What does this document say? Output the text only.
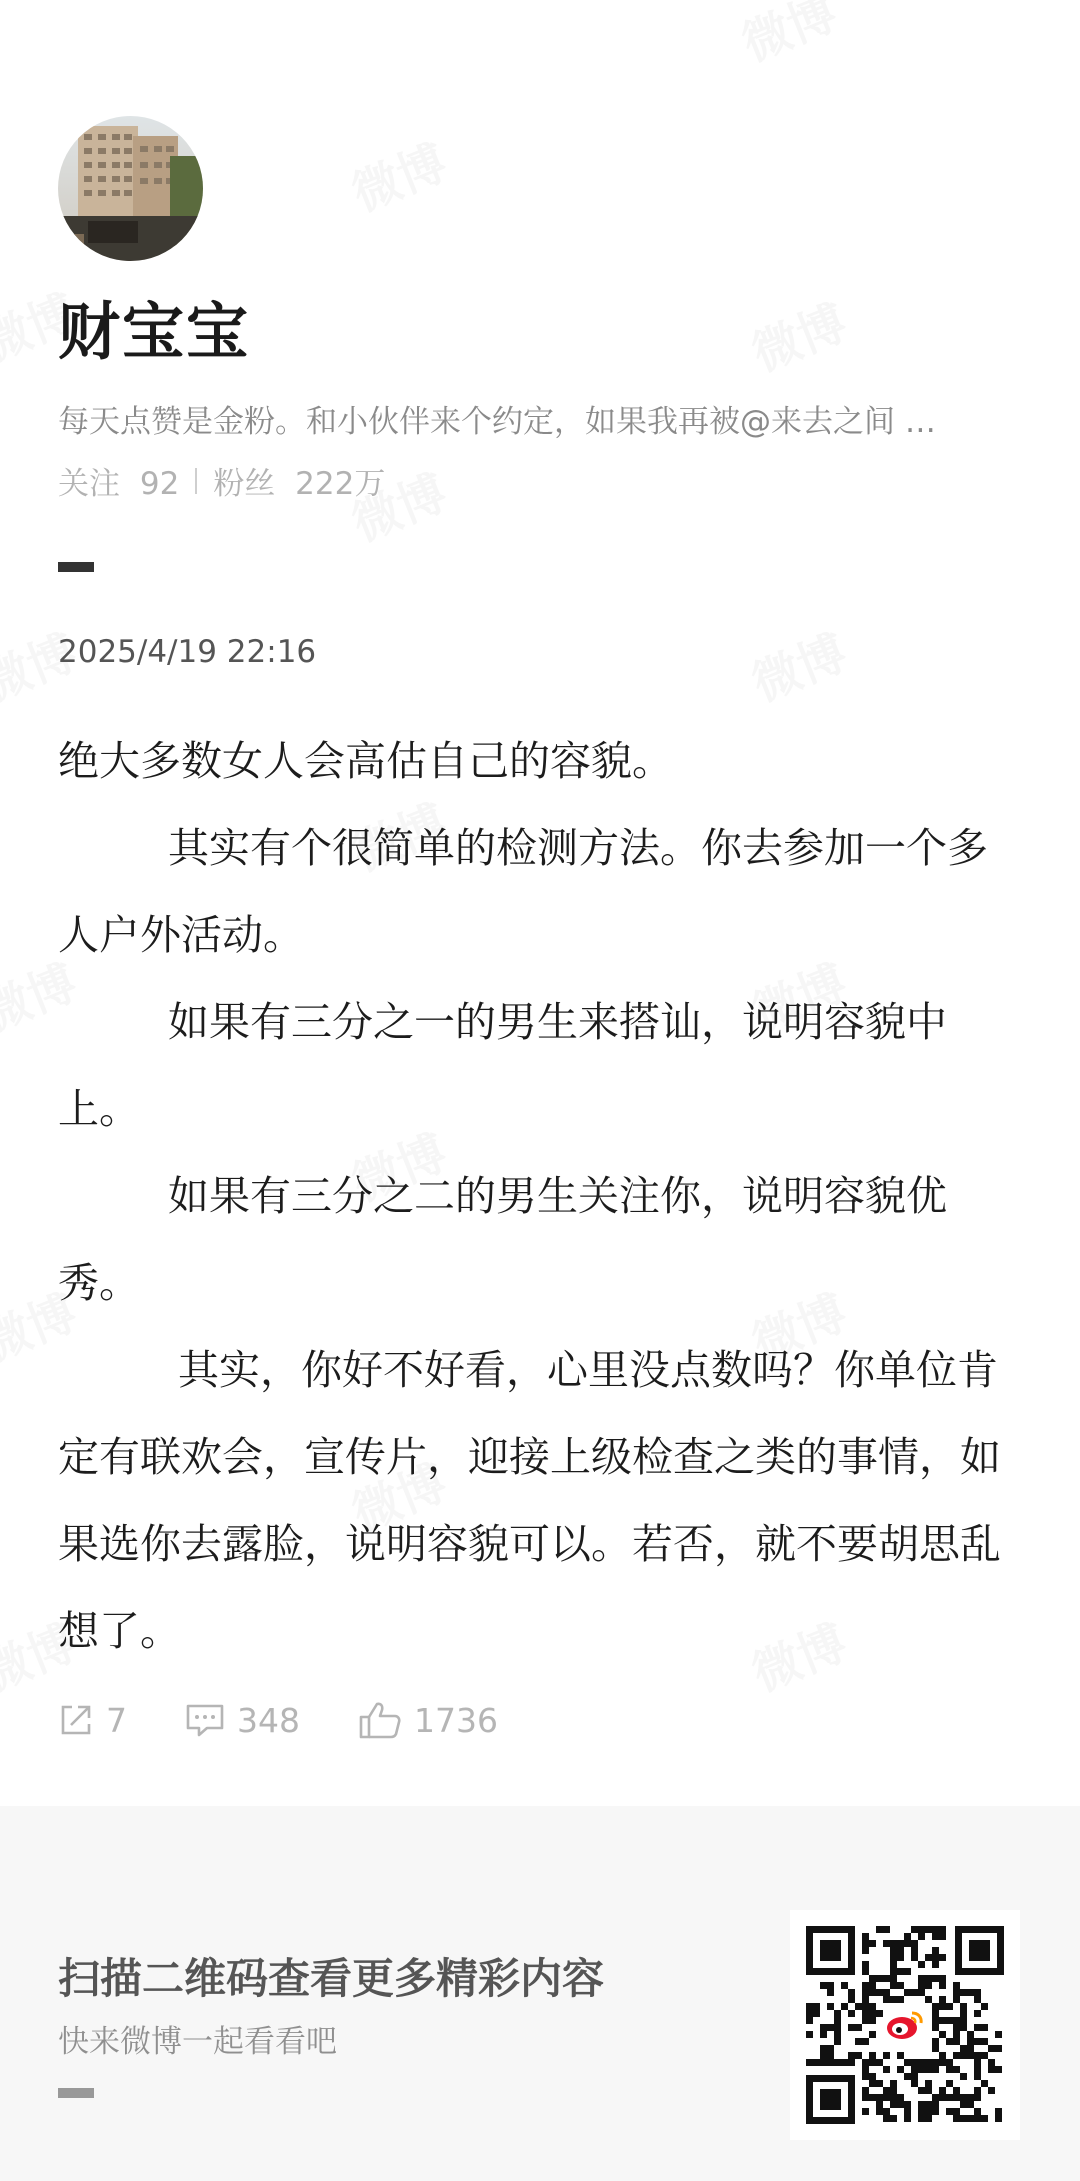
财宝宝
每天点赞是金粉。和小伙伴来个约定，如果我再被@来去之间 …
关注 92 粉丝 222万
2025/4/19 22:16

绝大多数女人会高估自己的容貌。

其实有个很简单的检测方法。你去参加一个多人户外活动。

如果有三分之一的男生来搭讪，说明容貌中上。

如果有三分之二的男生关注你，说明容貌优秀。

其实，你好不好看，心里没点数吗？你单位肯定有联欢会，宣传片，迎接上级检查之类的事情，如果选你去露脸，说明容貌可以。若否，就不要胡思乱想了。

7	348	1736
扫描二维码查看更多精彩内容
快来微博一起看看吧
